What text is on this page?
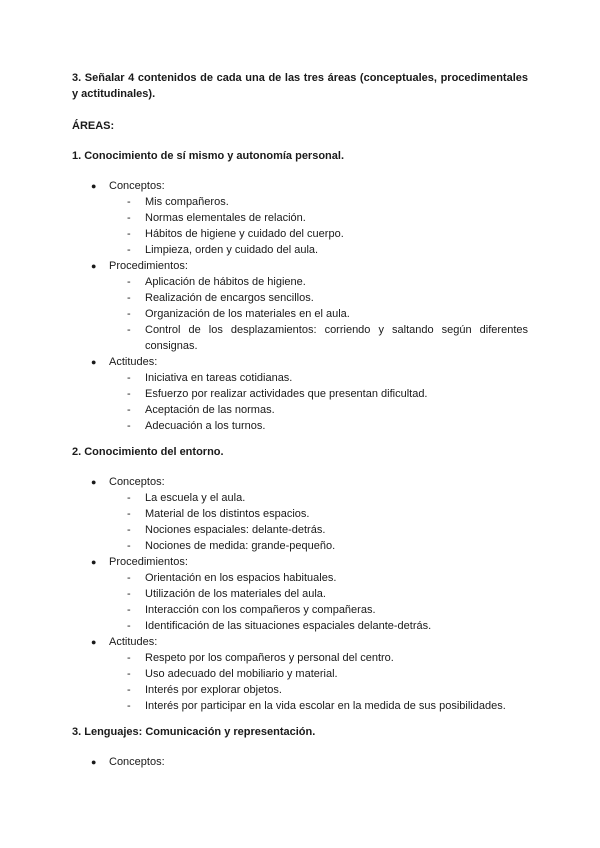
3. Señalar 4 contenidos de cada una de las tres áreas (conceptuales, procedimentales y actitudinales).

ÁREAS:

1. Conocimiento de sí mismo y autonomía personal.

● Conceptos:
- Mis compañeros.
- Normas elementales de relación.
- Hábitos de higiene y cuidado del cuerpo.
- Limpieza, orden y cuidado del aula.
● Procedimientos:
- Aplicación de hábitos de higiene.
- Realización de encargos sencillos.
- Organización de los materiales en el aula.
- Control de los desplazamientos: corriendo y saltando según diferentes consignas.
● Actitudes:
- Iniciativa en tareas cotidianas.
- Esfuerzo por realizar actividades que presentan dificultad.
- Aceptación de las normas.
- Adecuación a los turnos.

2. Conocimiento del entorno.

● Conceptos:
- La escuela y el aula.
- Material de los distintos espacios.
- Nociones espaciales: delante-detrás.
- Nociones de medida: grande-pequeño.
● Procedimientos:
- Orientación en los espacios habituales.
- Utilización de los materiales del aula.
- Interacción con los compañeros y compañeras.
- Identificación de las situaciones espaciales delante-detrás.
● Actitudes:
- Respeto por los compañeros y personal del centro.
- Uso adecuado del mobiliario y material.
- Interés por explorar objetos.
- Interés por participar en la vida escolar en la medida de sus posibilidades.

3. Lenguajes: Comunicación y representación.

● Conceptos:
